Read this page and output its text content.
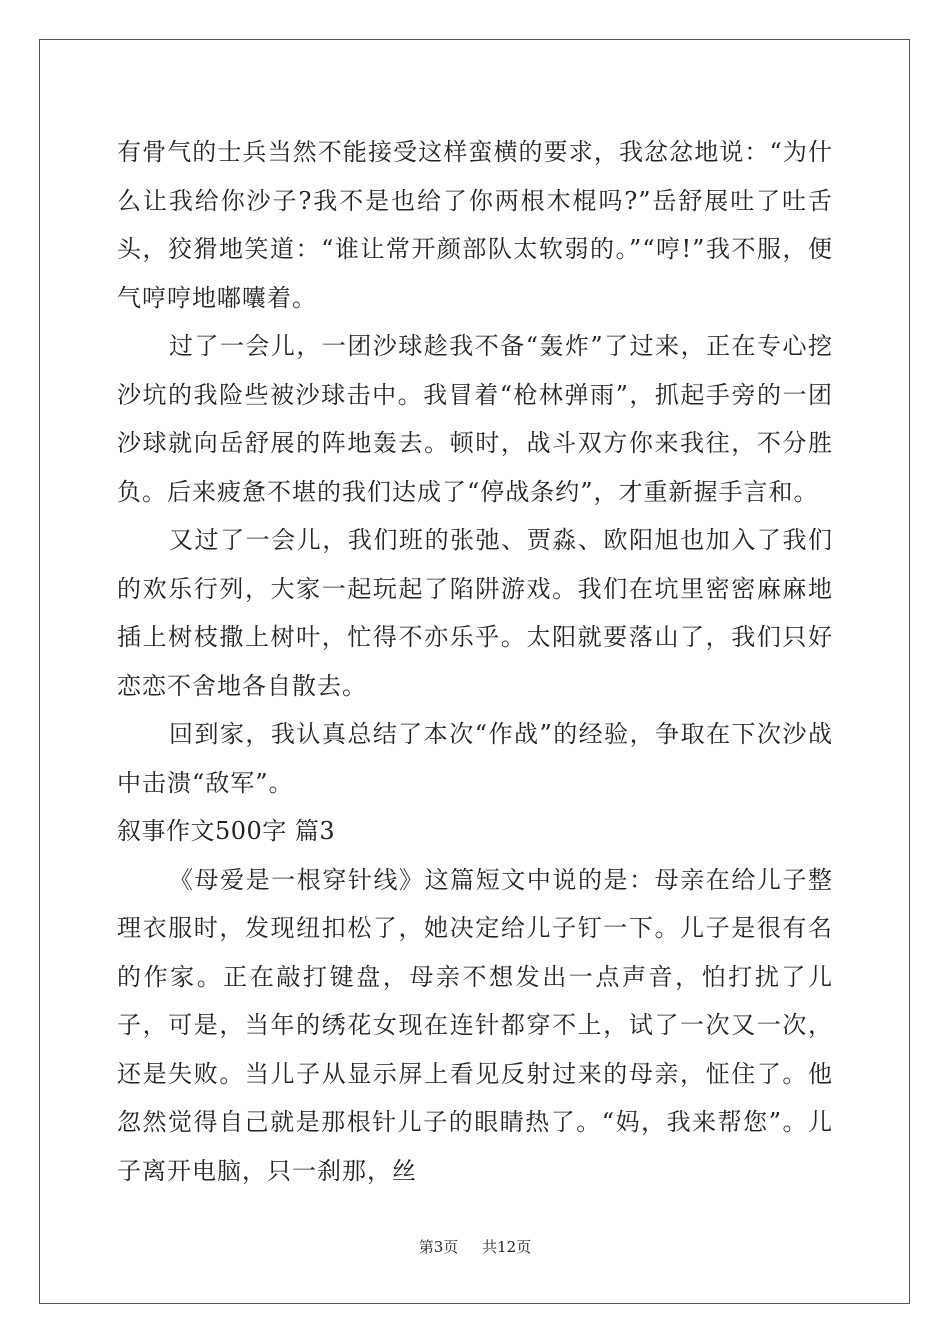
有骨气的士兵当然不能接受这样蛮横的要求，我忿忿地说：“为什么让我给你沙子?我不是也给了你两根木棍吗?”岳舒展吐了吐舌头，狡猾地笑道：“谁让常开颜部队太软弱的。”“哼!”我不服，便气哼哼地嘟囔着。

过了一会儿，一团沙球趁我不备“轰炸”了过来，正在专心挖沙坑的我险些被沙球击中。我冒着“枪林弹雨”，抓起手旁的一团沙球就向岳舒展的阵地轰去。顿时，战斗双方你来我往，不分胜负。后来疲惫不堪的我们达成了“停战条约”，才重新握手言和。

又过了一会儿，我们班的张弛、贾淼、欧阳旭也加入了我们的欢乐行列，大家一起玩起了陷阱游戏。我们在坑里密密麻麻地插上树枝撒上树叶，忙得不亦乐乎。太阳就要落山了，我们只好恋恋不舍地各自散去。

回到家，我认真总结了本次“作战”的经验，争取在下次沙战中击溃“敌军”。

叙事作文500字 篇3

《母爱是一根穿针线》这篇短文中说的是：母亲在给儿子整理衣服时，发现纽扣松了，她决定给儿子钉一下。儿子是很有名的作家。正在敲打键盘，母亲不想发出一点声音，怕打扰了儿子，可是，当年的绣花女现在连针都穿不上，试了一次又一次，还是失败。当儿子从显示屏上看见反射过来的母亲，怔住了。他忽然觉得自己就是那根针儿子的眼睛热了。“妈，我来帮您”。儿子离开电脑，只一刹那，丝

第3页 共12页
